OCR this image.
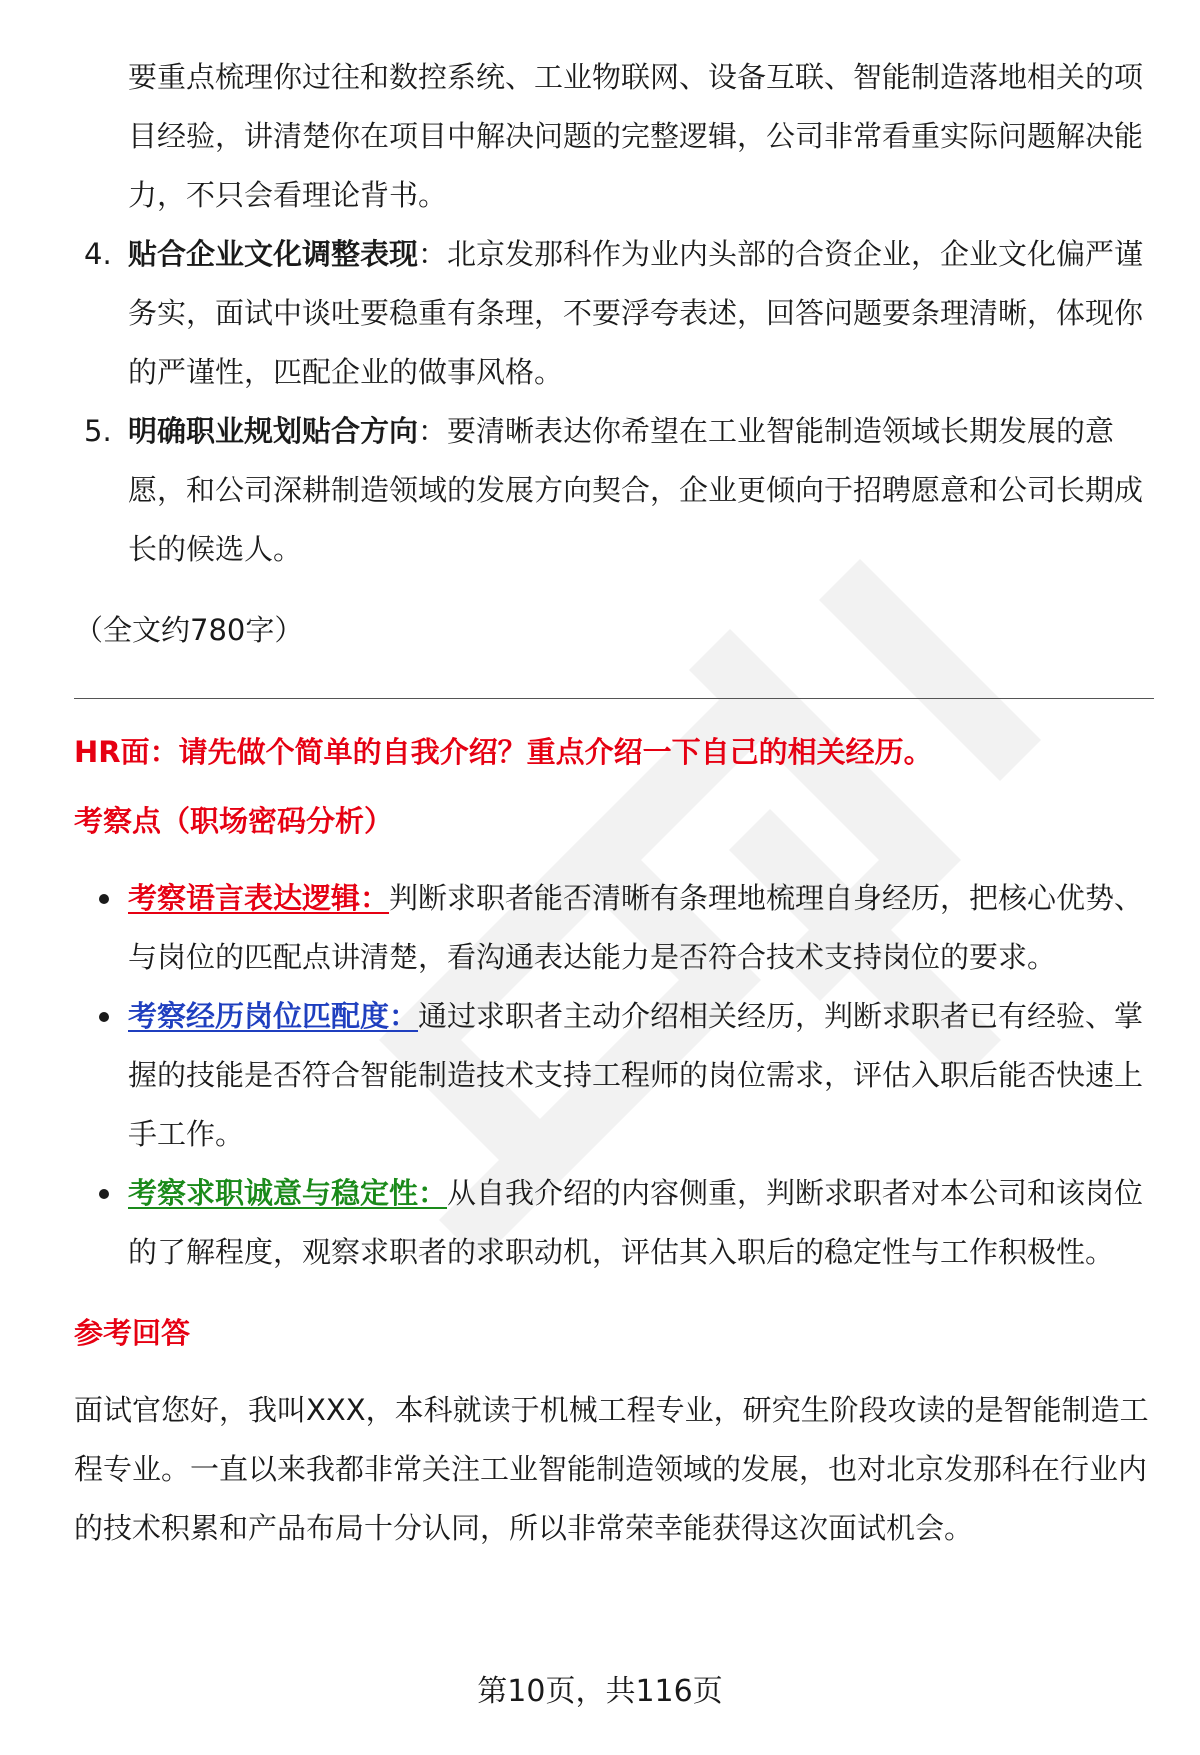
要重点梳理你过往和数控系统、工业物联网、设备互联、智能制造落地相关的项目经验，讲清楚你在项目中解决问题的完整逻辑，公司非常看重实际问题解决能力，不只会看理论背书。

4. 贴合企业文化调整表现：北京发那科作为业内头部的合资企业，企业文化偏严谨务实，面试中谈吐要稳重有条理，不要浮夸表述，回答问题要条理清晰，体现你的严谨性，匹配企业的做事风格。
5. 明确职业规划贴合方向：要清晰表达你希望在工业智能制造领域长期发展的意愿，和公司深耕制造领域的发展方向契合，企业更倾向于招聘愿意和公司长期成长的候选人。
（全文约780字）
HR面：请先做个简单的自我介绍？重点介绍一下自己的相关经历。
考察点（职场密码分析）
考察语言表达逻辑：判断求职者能否清晰有条理地梳理自身经历，把核心优势、与岗位的匹配点讲清楚，看沟通表达能力是否符合技术支持岗位的要求。
考察经历岗位匹配度：通过求职者主动介绍相关经历，判断求职者已有经验、掌握的技能是否符合智能制造技术支持工程师的岗位需求，评估入职后能否快速上手工作。
考察求职诚意与稳定性：从自我介绍的内容侧重，判断求职者对本公司和该岗位的了解程度，观察求职者的求职动机，评估其入职后的稳定性与工作积极性。
参考回答

面试官您好，我叫XXX，本科就读于机械工程专业，研究生阶段攻读的是智能制造工程专业。一直以来我都非常关注工业智能制造领域的发展，也对北京发那科在行业内的技术积累和产品布局十分认同，所以非常荣幸能获得这次面试机会。

第10页，共116页
